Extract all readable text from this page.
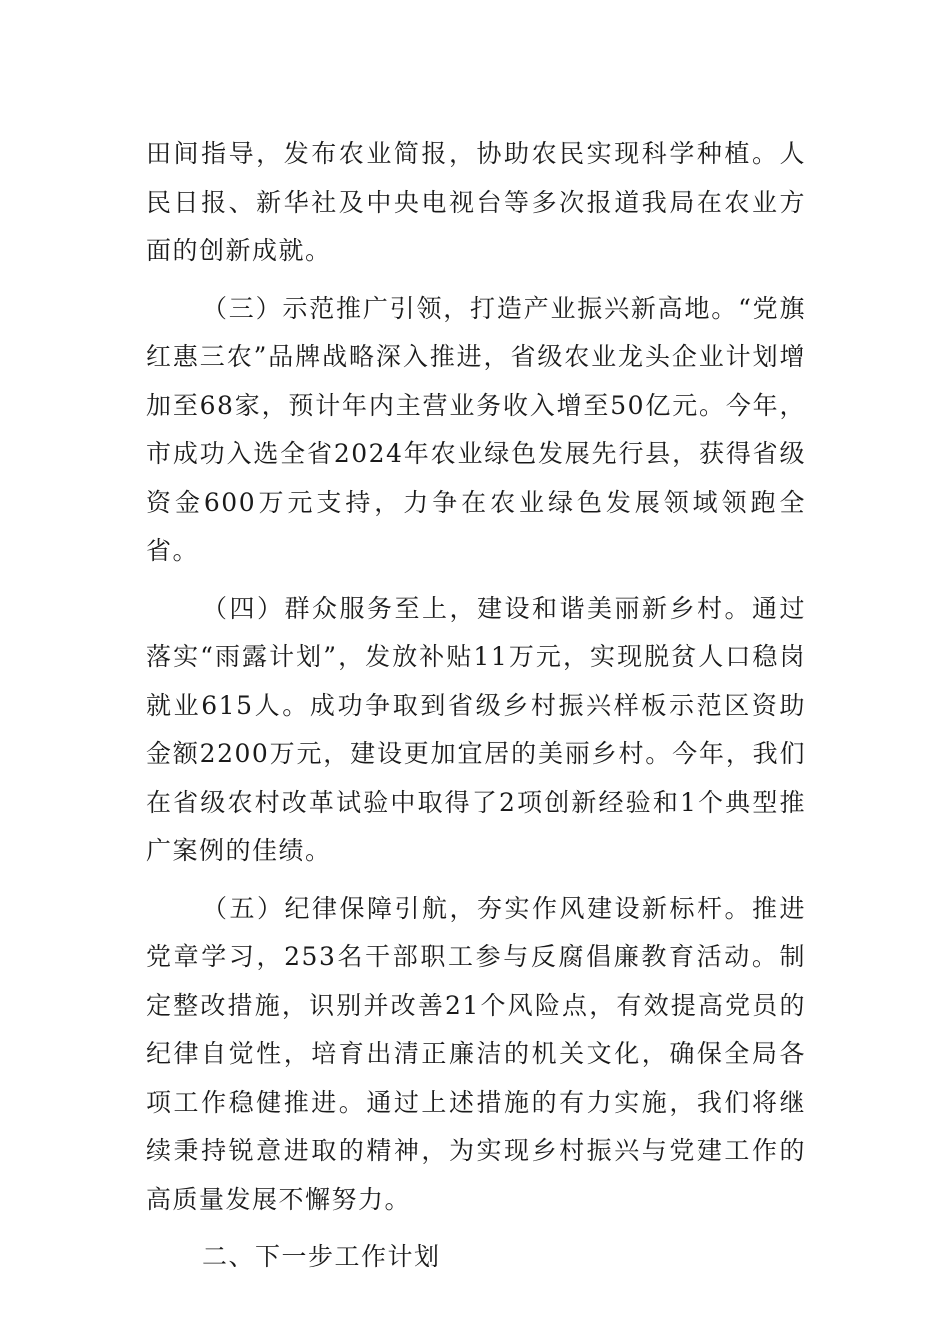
田间指导，发布农业简报，协助农民实现科学种植。人民日报、新华社及中央电视台等多次报道我局在农业方面的创新成就。

（三）示范推广引领，打造产业振兴新高地。“党旗红惠三农”品牌战略深入推进，省级农业龙头企业计划增加至68家，预计年内主营业务收入增至50亿元。今年，市成功入选全省2024年农业绿色发展先行县，获得省级资金600万元支持，力争在农业绿色发展领域领跑全省。

（四）群众服务至上，建设和谐美丽新乡村。通过落实“雨露计划”，发放补贴11万元，实现脱贫人口稳岗就业615人。成功争取到省级乡村振兴样板示范区资助金额2200万元，建设更加宜居的美丽乡村。今年，我们在省级农村改革试验中取得了2项创新经验和1个典型推广案例的佳绩。

（五）纪律保障引航，夯实作风建设新标杆。推进党章学习，253名干部职工参与反腐倡廉教育活动。制定整改措施，识别并改善21个风险点，有效提高党员的纪律自觉性，培育出清正廉洁的机关文化，确保全局各项工作稳健推进。通过上述措施的有力实施，我们将继续秉持锐意进取的精神，为实现乡村振兴与党建工作的高质量发展不懈努力。

二、下一步工作计划
